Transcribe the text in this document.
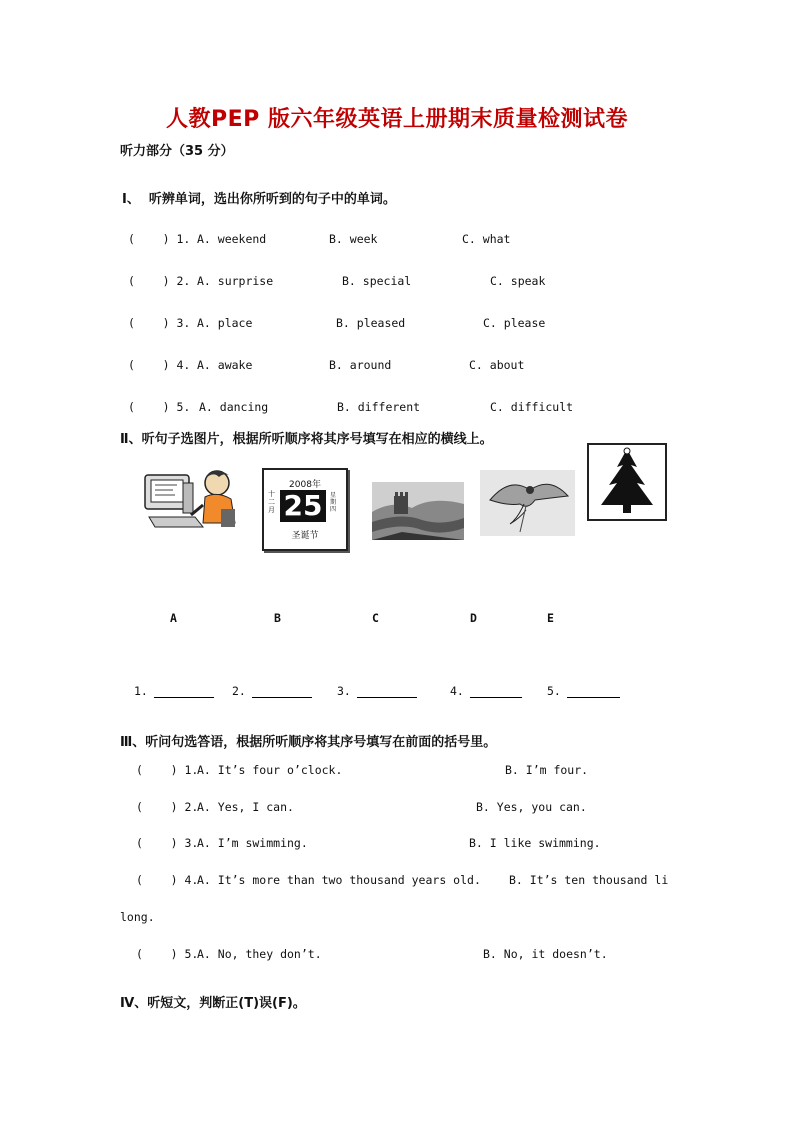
人教PEP 版六年级英语上册期末质量检测试卷
听力部分（35 分）
Ⅰ、  听辨单词，选出你所听到的句子中的单词。
(    ) 1. A. weekend	B. week	C. what
(    ) 2. A. surprise	B. special	C. speak
(    ) 3. A. place	B. pleased	C. please
(    ) 4. A. awake	B. around	C. about
(    ) 5. A. dancing	B. different	C. difficult
Ⅱ、听句子选图片，根据所听顺序将其序号填写在相应的横线上。
2008年
十二月 25	星期四
圣诞节
A	B	C	D	E
1.	2.	3.	4.	5.
Ⅲ、听问句选答语，根据所听顺序将其序号填写在前面的括号里。
(    ) 1.
A. It’s four o’clock.	B. I’m four.
(    ) 2.
A. Yes, I can.	B. Yes, you can.
(    ) 3.
A. I’m swimming.	B. I like swimming.
(    ) 4.
A. It’s more than two thousand years old. B. It’s ten thousand li
long.
(    ) 5.
A. No, they don’t.	B. No, it doesn’t.
Ⅳ、听短文，判断正(T)误(F)。
